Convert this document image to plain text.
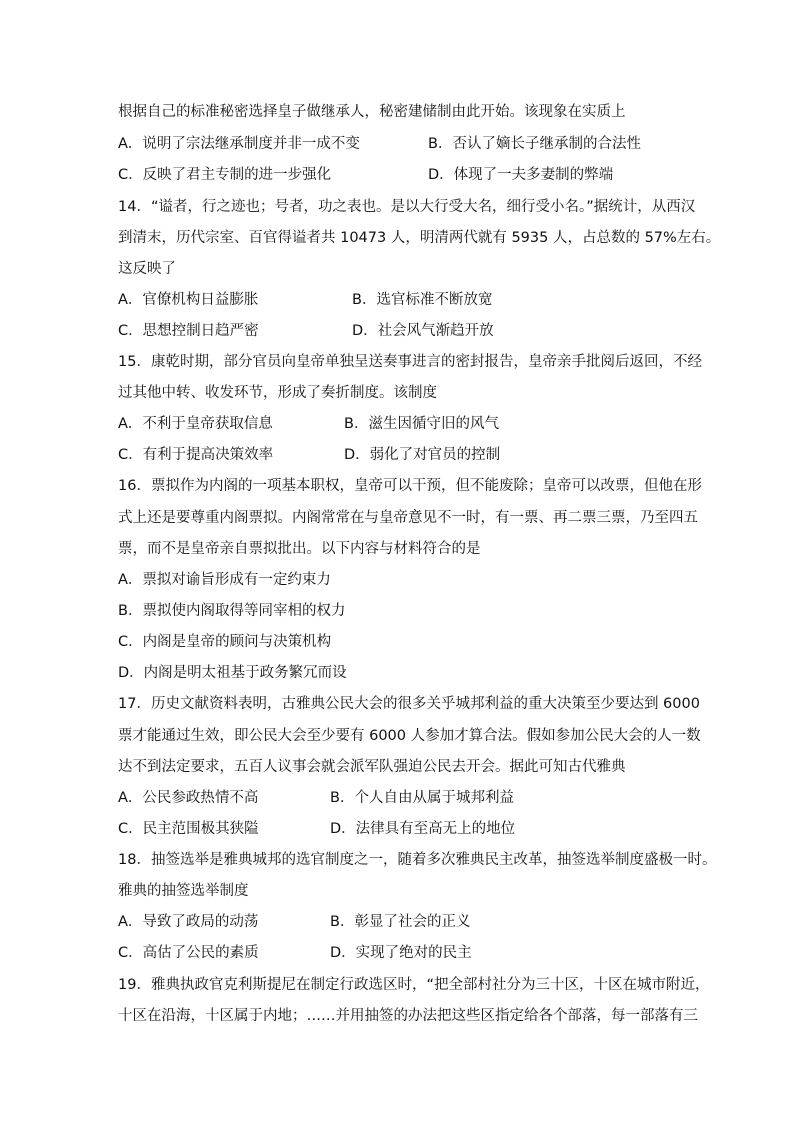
根据自己的标准秘密选择皇子做继承人，秘密建储制由此开始。该现象在实质上
A．说明了宗法继承制度并非一成不变	B．否认了嫡长子继承制的合法性
C．反映了君主专制的进一步强化	D．体现了一夫多妻制的弊端
14．“谥者，行之迹也；号者，功之表也。是以大行受大名，细行受小名。”据统计，从西汉
到清末，历代宗室、百官得谥者共 10473 人，明清两代就有 5935 人，占总数的 57%左右。
这反映了
A．官僚机构日益膨胀	B．选官标准不断放宽
C．思想控制日趋严密	D．社会风气渐趋开放
15．康乾时期，部分官员向皇帝单独呈送奏事进言的密封报告，皇帝亲手批阅后返回，不经
过其他中转、收发环节，形成了奏折制度。该制度
A．不利于皇帝获取信息	B．滋生因循守旧的风气
C．有利于提高决策效率	D．弱化了对官员的控制
16．票拟作为内阁的一项基本职权，皇帝可以干预，但不能废除；皇帝可以改票，但他在形
式上还是要尊重内阁票拟。内阁常常在与皇帝意见不一时，有一票、再二票三票，乃至四五
票，而不是皇帝亲自票拟批出。以下内容与材料符合的是
A．票拟对谕旨形成有一定约束力
B．票拟使内阁取得等同宰相的权力
C．内阁是皇帝的顾问与决策机构
D．内阁是明太祖基于政务繁冗而设
17．历史文献资料表明，古雅典公民大会的很多关乎城邦利益的重大决策至少要达到 6000
票才能通过生效，即公民大会至少要有 6000 人参加才算合法。假如参加公民大会的人一数
达不到法定要求，五百人议事会就会派军队强迫公民去开会。据此可知古代雅典
A．公民参政热情不高	B．个人自由从属于城邦利益
C．民主范围极其狭隘	D．法律具有至高无上的地位
18．抽签选举是雅典城邦的选官制度之一，随着多次雅典民主改革，抽签选举制度盛极一时。
雅典的抽签选举制度
A．导致了政局的动荡	B．彰显了社会的正义
C．高估了公民的素质	D．实现了绝对的民主
19．雅典执政官克利斯提尼在制定行政选区时，“把全部村社分为三十区，十区在城市附近，
十区在沿海，十区属于内地；……并用抽签的办法把这些区指定给各个部落，每一部落有三
